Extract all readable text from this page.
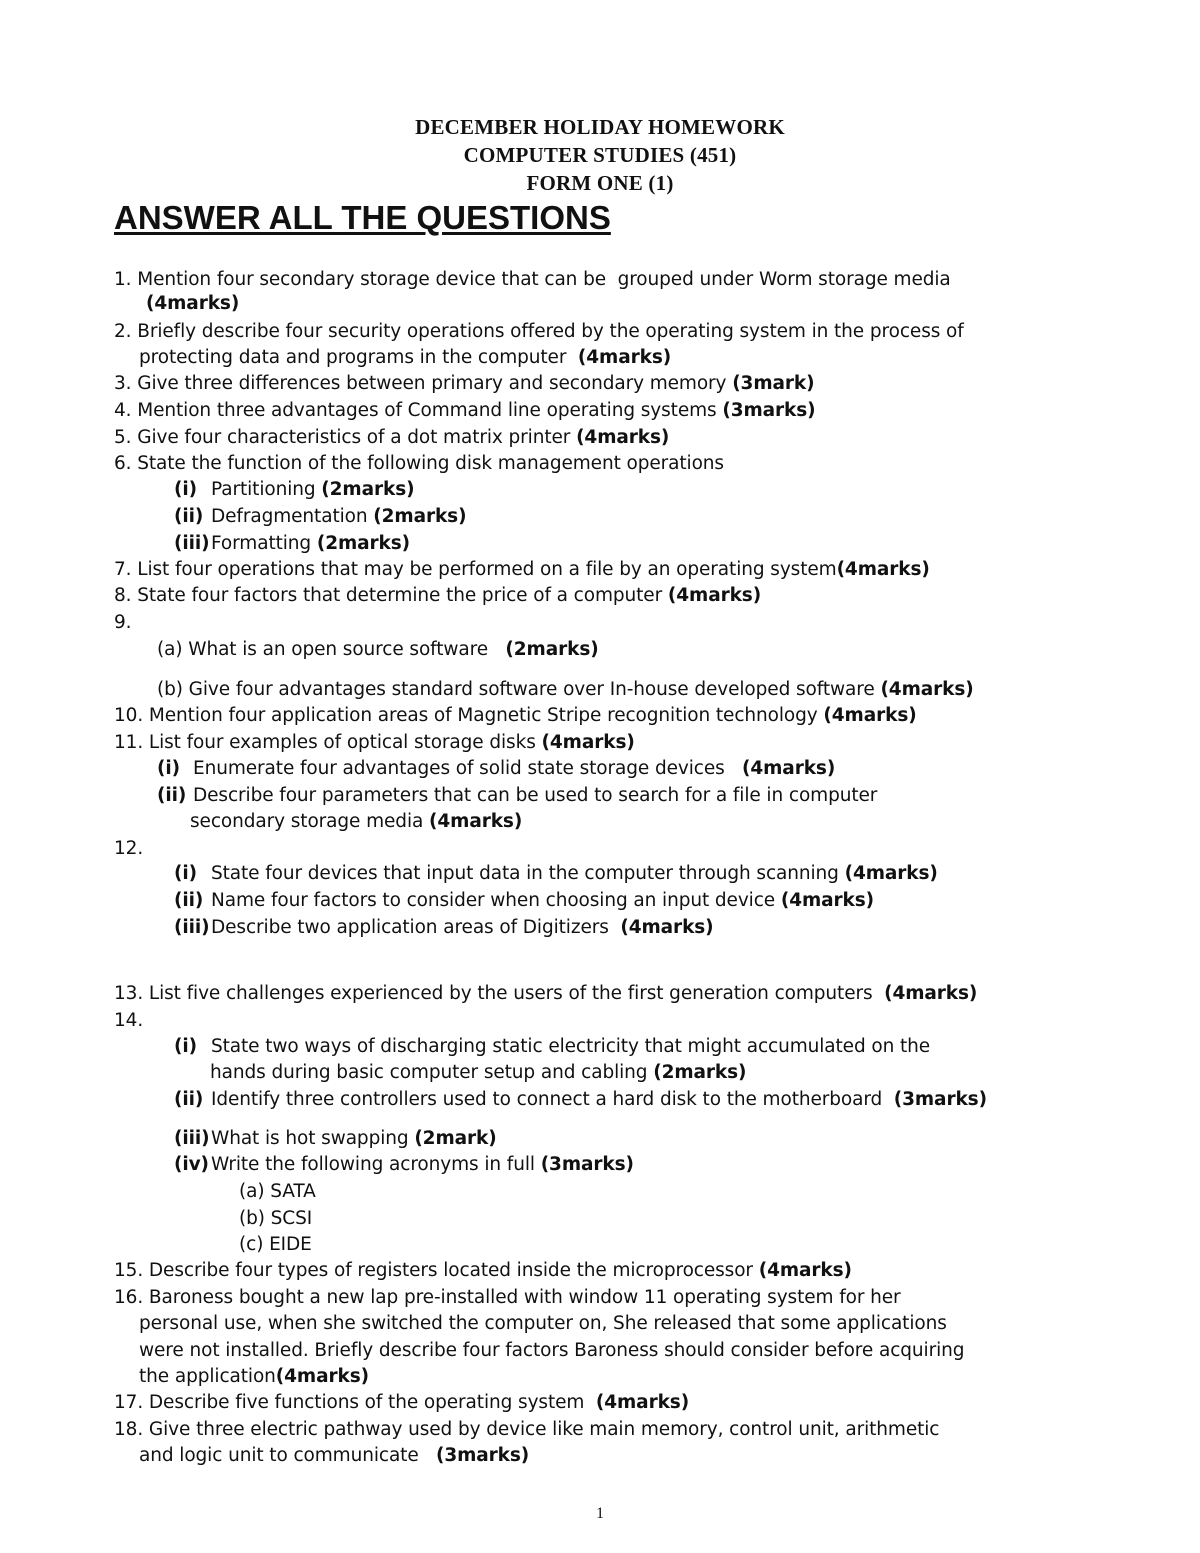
DECEMBER HOLIDAY HOMEWORK
COMPUTER STUDIES (451)
FORM ONE (1)
ANSWER ALL THE QUESTIONS
1. Mention four secondary storage device that can be  grouped under Worm storage media
(4marks)
2. Briefly describe four security operations offered by the operating system in the process of
protecting data and programs in the computer  (4marks)
3. Give three differences between primary and secondary memory (3mark)
4. Mention three advantages of Command line operating systems (3marks)
5. Give four characteristics of a dot matrix printer (4marks)
6. State the function of the following disk management operations
(i) Partitioning (2marks)
(ii) Defragmentation (2marks)
(iii)Formatting (2marks)
7. List four operations that may be performed on a file by an operating system(4marks)
8. State four factors that determine the price of a computer (4marks)
9.
(a) What is an open source software   (2marks)
(b) Give four advantages standard software over In-house developed software (4marks)
10. Mention four application areas of Magnetic Stripe recognition technology (4marks)
11. List four examples of optical storage disks (4marks)
(i) Enumerate four advantages of solid state storage devices   (4marks)
(ii) Describe four parameters that can be used to search for a file in computer
secondary storage media (4marks)
12.
(i) State four devices that input data in the computer through scanning (4marks)
(ii) Name four factors to consider when choosing an input device (4marks)
(iii)Describe two application areas of Digitizers  (4marks)
13. List five challenges experienced by the users of the first generation computers  (4marks)
14.
(i) State two ways of discharging static electricity that might accumulated on the
hands during basic computer setup and cabling (2marks)
(ii) Identify three controllers used to connect a hard disk to the motherboard  (3marks)
(iii)What is hot swapping (2mark)
(iv) Write the following acronyms in full (3marks)
(a) SATA
(b) SCSI
(c) EIDE
15. Describe four types of registers located inside the microprocessor (4marks)
16. Baroness bought a new lap pre-installed with window 11 operating system for her
personal use, when she switched the computer on, She released that some applications
were not installed. Briefly describe four factors Baroness should consider before acquiring
the application(4marks)
17. Describe five functions of the operating system  (4marks)
18. Give three electric pathway used by device like main memory, control unit, arithmetic
and logic unit to communicate   (3marks)
1
